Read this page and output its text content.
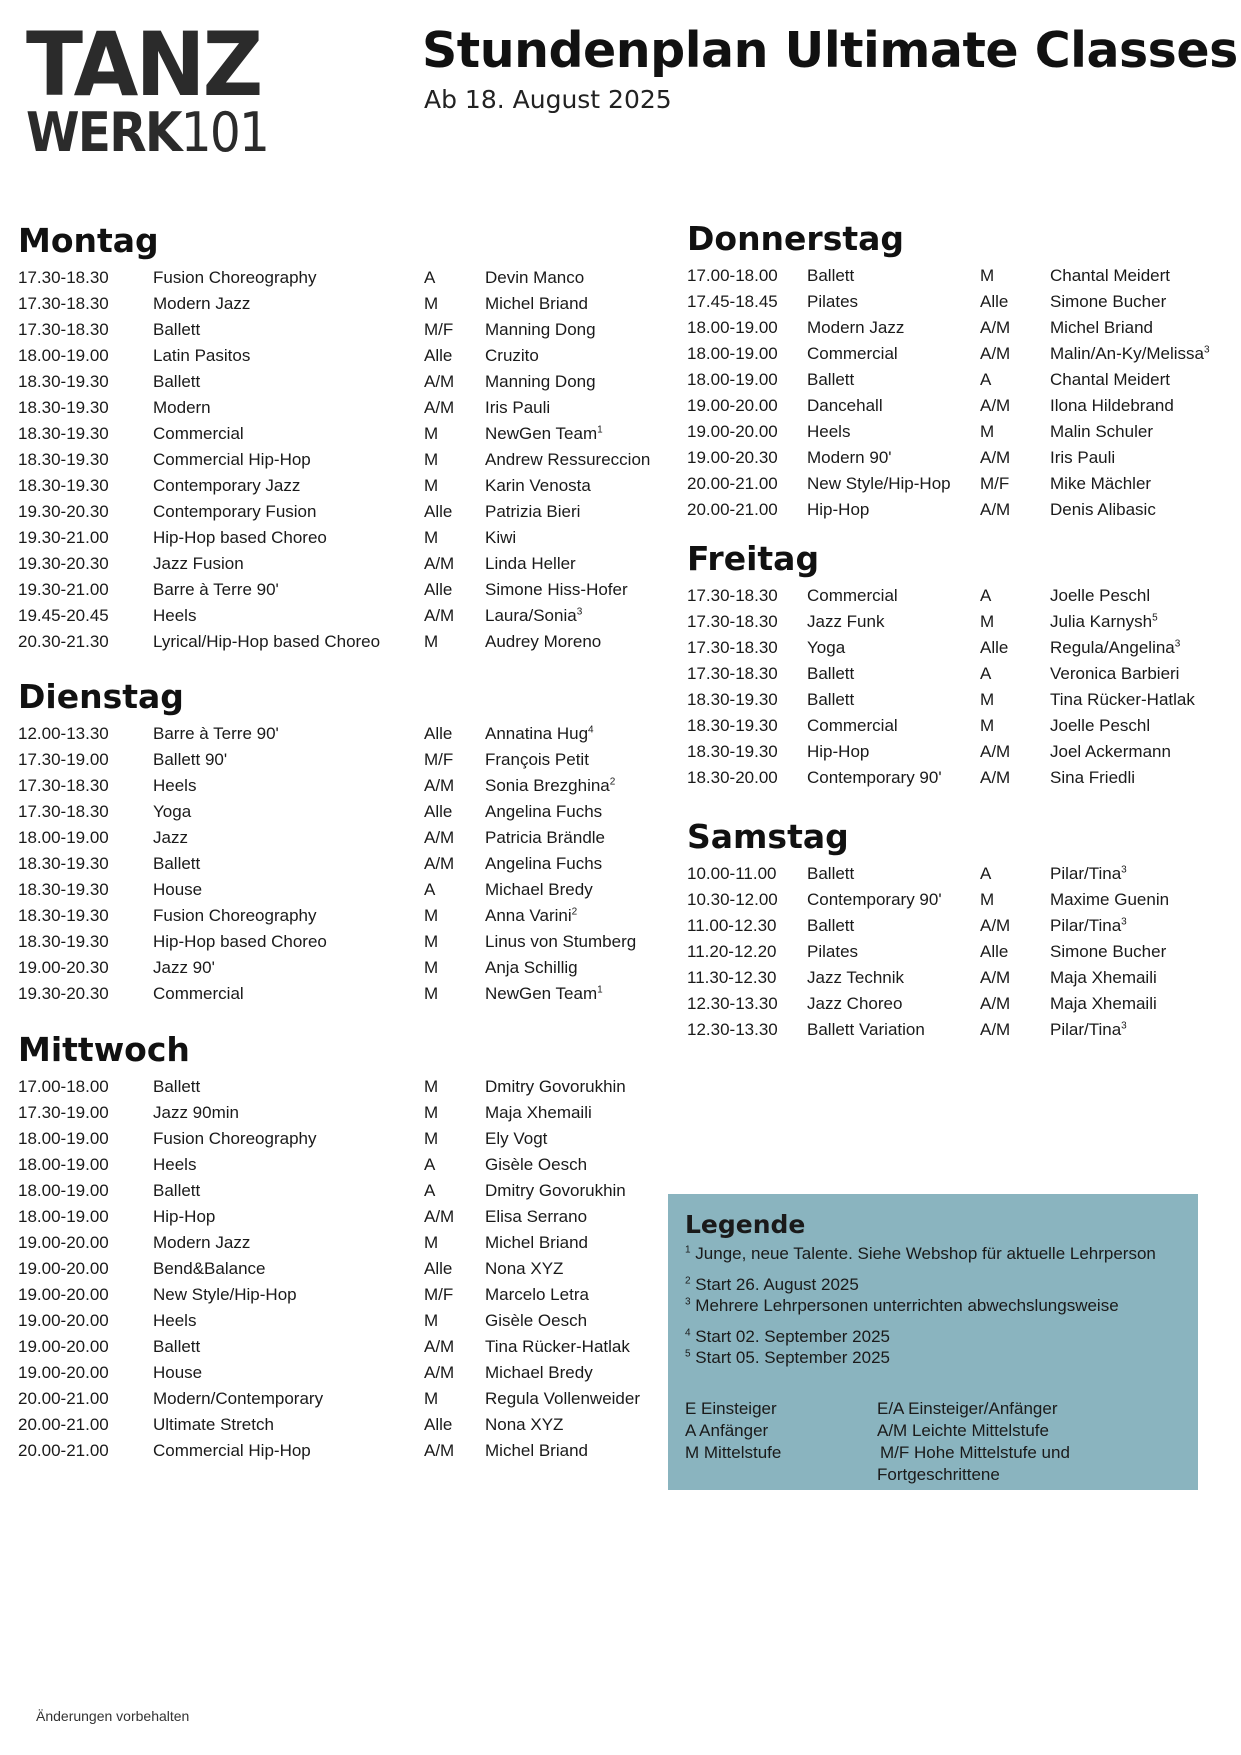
TANZ
WERK101
Stundenplan Ultimate Classes
Ab 18. August 2025
Montag
17.30-18.30	Fusion Choreography	A	Devin Manco
17.30-18.30	Modern Jazz	M	Michel Briand
17.30-18.30	Ballett	M/F Manning Dong
18.00-19.00	Latin Pasitos	Alle Cruzito
18.30-19.30	Ballett	A/M Manning Dong
18.30-19.30	Modern	A/M Iris Pauli
18.30-19.30	Commercial	M	NewGen Team$^1$
18.30-19.30	Commercial Hip-Hop	M	Andrew Ressureccion
18.30-19.30	Contemporary Jazz	M	Karin Venosta
19.30-20.30	Contemporary Fusion	Alle Patrizia Bieri
19.30-21.00	Hip-Hop based Choreo	M	Kiwi
19.30-20.30	Jazz Fusion	A/M Linda Heller
19.30-21.00	Barre à Terre 90'	Alle Simone Hiss-Hofer
19.45-20.45	Heels	A/M Laura/Sonia$^3$
20.30-21.30	Lyrical/Hip-Hop based Choreo	M	Audrey Moreno
Dienstag
12.00-13.30	Barre à Terre 90'	Alle Annatina Hug$^4$
17.30-19.00	Ballett 90'	M/F François Petit
17.30-18.30	Heels	A/M Sonia Brezghina$^2$
17.30-18.30	Yoga	Alle Angelina Fuchs
18.00-19.00	Jazz	A/M Patricia Brändle
18.30-19.30	Ballett	A/M Angelina Fuchs
18.30-19.30	House	A	Michael Bredy
18.30-19.30	Fusion Choreography	M	Anna Varini$^2$
18.30-19.30	Hip-Hop based Choreo	M	Linus von Stumberg
19.00-20.30	Jazz 90'	M	Anja Schillig
19.30-20.30	Commercial	M	NewGen Team$^1$
Mittwoch
17.00-18.00	Ballett	M	Dmitry Govorukhin
17.30-19.00	Jazz 90min	M	Maja Xhemaili
18.00-19.00	Fusion Choreography	M	Ely Vogt
18.00-19.00	Heels	A	Gisèle Oesch
18.00-19.00	Ballett	A	Dmitry Govorukhin
18.00-19.00	Hip-Hop	A/M Elisa Serrano
19.00-20.00	Modern Jazz	M	Michel Briand
19.00-20.00	Bend&Balance	Alle Nona XYZ
19.00-20.00	New Style/Hip-Hop	M/F Marcelo Letra
19.00-20.00	Heels	M	Gisèle Oesch
19.00-20.00	Ballett	A/M Tina Rücker-Hatlak
19.00-20.00	House	A/M Michael Bredy
20.00-21.00	Modern/Contemporary	M	Regula Vollenweider
20.00-21.00	Ultimate Stretch	Alle Nona XYZ
20.00-21.00	Commercial Hip-Hop	A/M Michel Briand
Donnerstag
17.00-18.00 Ballett	M	Chantal Meidert
17.45-18.45 Pilates	Alle Simone Bucher
18.00-19.00 Modern Jazz	A/M Michel Briand
18.00-19.00 Commercial	A/M Malin/An-Ky/Melissa$^3$
18.00-19.00 Ballett	A	Chantal Meidert
19.00-20.00 Dancehall	A/M Ilona Hildebrand
19.00-20.00 Heels	M	Malin Schuler
19.00-20.30 Modern 90'	A/M Iris Pauli
20.00-21.00 New Style/Hip-Hop M/F Mike Mächler
20.00-21.00 Hip-Hop	A/M Denis Alibasic
Freitag
17.30-18.30 Commercial	A	Joelle Peschl
17.30-18.30 Jazz Funk	M	Julia Karnysh$^5$
17.30-18.30 Yoga	Alle Regula/Angelina$^3$
17.30-18.30 Ballett	A	Veronica Barbieri
18.30-19.30 Ballett	M	Tina Rücker-Hatlak
18.30-19.30 Commercial	M	Joelle Peschl
18.30-19.30 Hip-Hop	A/M Joel Ackermann
18.30-20.00 Contemporary 90' A/M Sina Friedli
Samstag
10.00-11.00 Ballett	A	Pilar/Tina$^3$
10.30-12.00 Contemporary 90' M	Maxime Guenin
11.00-12.30 Ballett	A/M Pilar/Tina$^3$
11.20-12.20 Pilates	Alle Simone Bucher
11.30-12.30 Jazz Technik	A/M Maja Xhemaili
12.30-13.30 Jazz Choreo	A/M Maja Xhemaili
12.30-13.30 Ballett Variation	A/M Pilar/Tina$^3$
Legende
$^1$ Junge, neue Talente. Siehe Webshop für aktuelle Lehrperson
$^2$ Start 26. August 2025
$^3$ Mehrere Lehrpersonen unterrichten abwechslungsweise
$^4$ Start 02. September 2025
$^5$ Start 05. September 2025
E Einsteiger	E/A Einsteiger/Anfänger
A Anfänger	A/M Leichte Mittelstufe
M Mittelstufe	M/F Hohe Mittelstufe und
Fortgeschrittene
Änderungen vorbehalten
